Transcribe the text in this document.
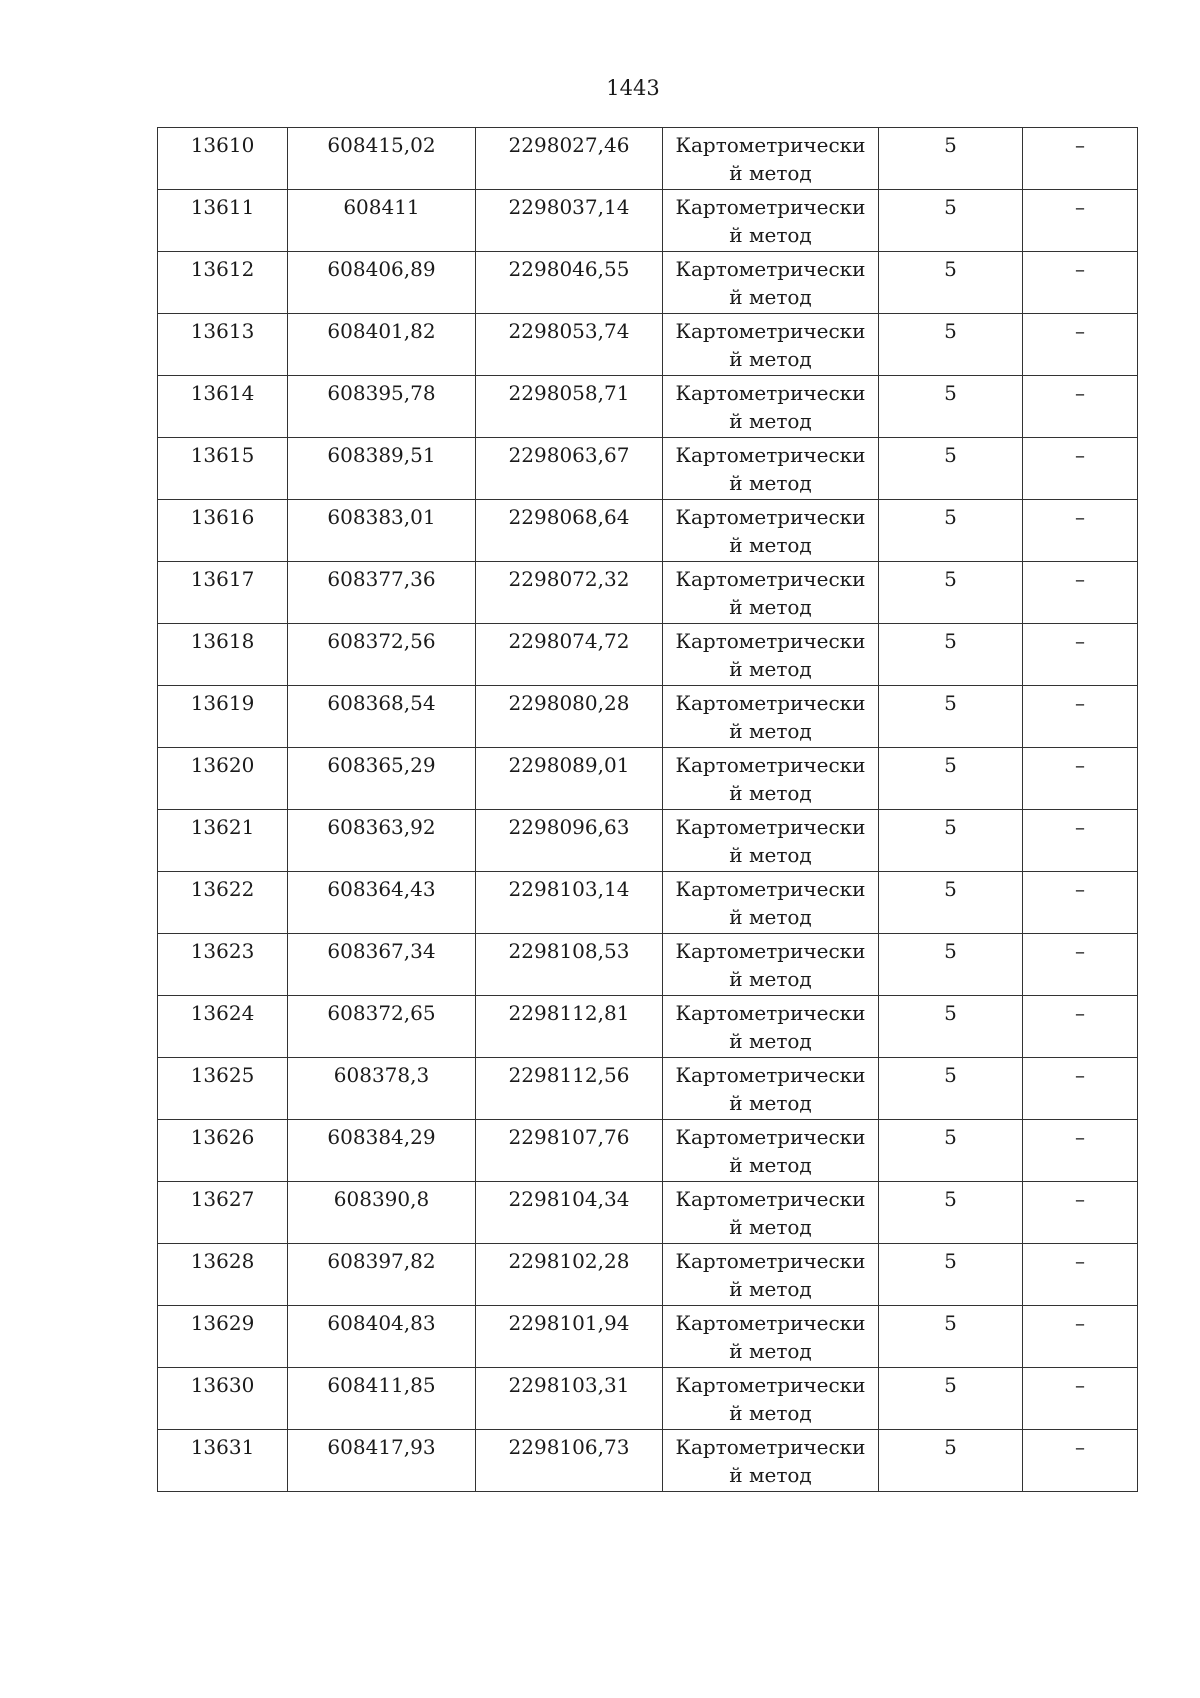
1443
13610	608415,02	2298027,46	Картометрически
й метод	5	–
13611	608411	2298037,14	Картометрически
й метод	5	–
13612	608406,89	2298046,55	Картометрически
й метод	5	–
13613	608401,82	2298053,74	Картометрически
й метод	5	–
13614	608395,78	2298058,71	Картометрически
й метод	5	–
13615	608389,51	2298063,67	Картометрически
й метод	5	–
13616	608383,01	2298068,64	Картометрически
й метод	5	–
13617	608377,36	2298072,32	Картометрически
й метод	5	–
13618	608372,56	2298074,72	Картометрически
й метод	5	–
13619	608368,54	2298080,28	Картометрически
й метод	5	–
13620	608365,29	2298089,01	Картометрически
й метод	5	–
13621	608363,92	2298096,63	Картометрически
й метод	5	–
13622	608364,43	2298103,14	Картометрически
й метод	5	–
13623	608367,34	2298108,53	Картометрически
й метод	5	–
13624	608372,65	2298112,81	Картометрически
й метод	5	–
13625	608378,3	2298112,56	Картометрически
й метод	5	–
13626	608384,29	2298107,76	Картометрически
й метод	5	–
13627	608390,8	2298104,34	Картометрически
й метод	5	–
13628	608397,82	2298102,28	Картометрически
й метод	5	–
13629	608404,83	2298101,94	Картометрически
й метод	5	–
13630	608411,85	2298103,31	Картометрически
й метод	5	–
13631	608417,93	2298106,73	Картометрически
й метод	5	–
